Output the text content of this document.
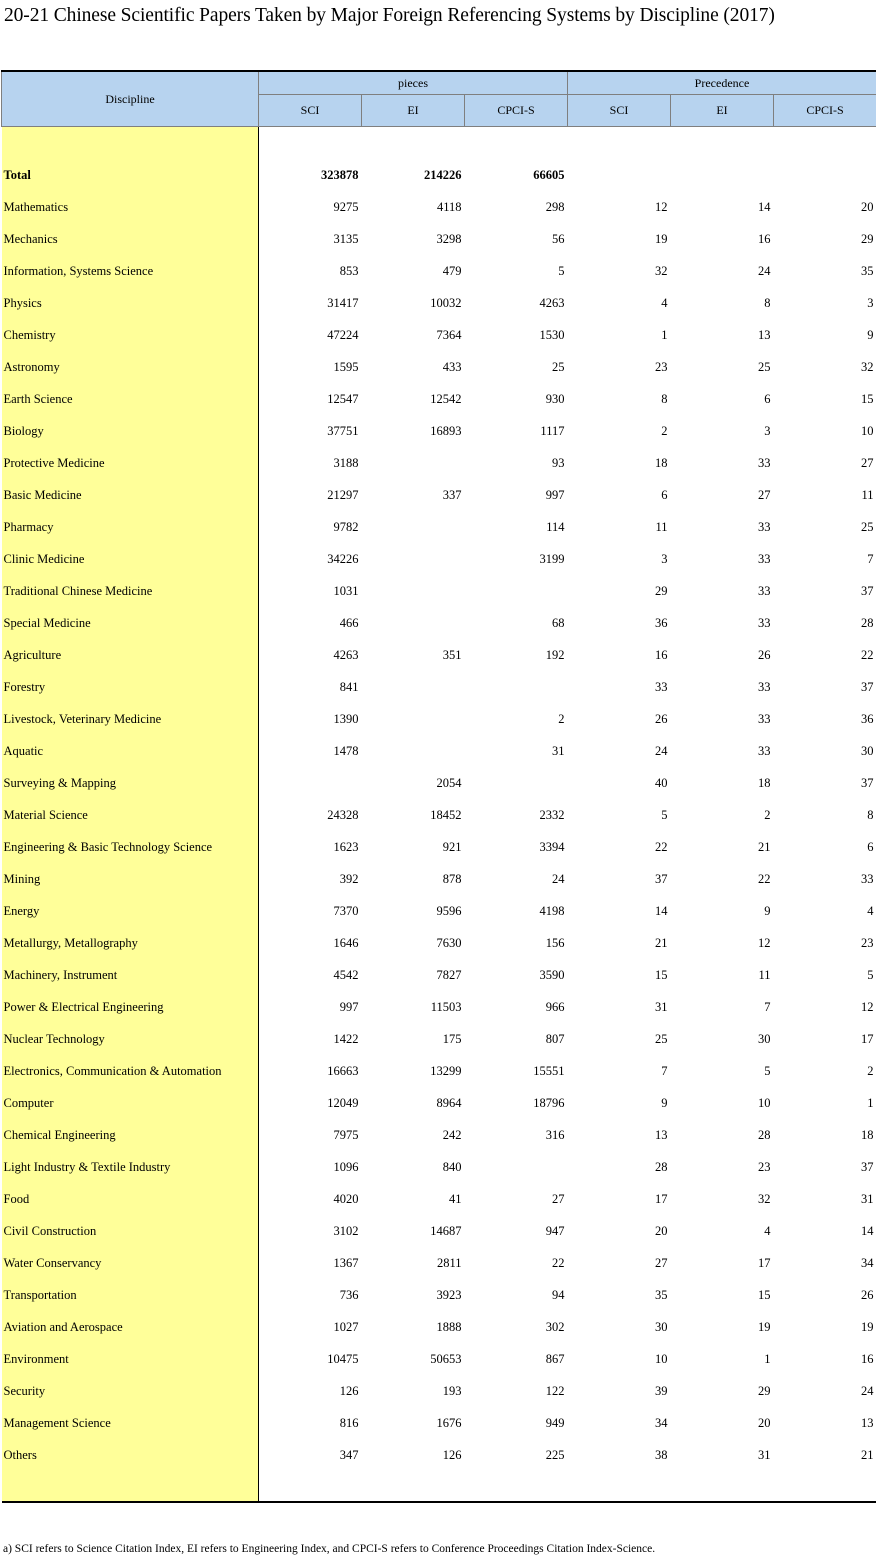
20-21 Chinese Scientific Papers Taken by Major Foreign Referencing Systems by Discipline (2017)
Discipline	pieces			Precedence		
	SCI	EI	CPCI-S	SCI	EI	CPCI-S

Total	323878	214226	66605			
Mathematics	9275	4118	298	12	14	20
Mechanics	3135	3298	56	19	16	29
Information, Systems Science	853	479	5	32	24	35
Physics	31417	10032	4263	4	8	3
Chemistry	47224	7364	1530	1	13	9
Astronomy	1595	433	25	23	25	32
Earth Science	12547	12542	930	8	6	15
Biology	37751	16893	1117	2	3	10
Protective Medicine	3188		93	18	33	27
Basic Medicine	21297	337	997	6	27	11
Pharmacy	9782		114	11	33	25
Clinic Medicine	34226		3199	3	33	7
Traditional Chinese Medicine	1031			29	33	37
Special Medicine	466		68	36	33	28
Agriculture	4263	351	192	16	26	22
Forestry	841			33	33	37
Livestock, Veterinary Medicine	1390		2	26	33	36
Aquatic	1478		31	24	33	30
Surveying & Mapping		2054		40	18	37
Material Science	24328	18452	2332	5	2	8
Engineering & Basic Technology Science	1623	921	3394	22	21	6
Mining	392	878	24	37	22	33
Energy	7370	9596	4198	14	9	4
Metallurgy, Metallography	1646	7630	156	21	12	23
Machinery, Instrument	4542	7827	3590	15	11	5
Power & Electrical Engineering	997	11503	966	31	7	12
Nuclear Technology	1422	175	807	25	30	17
Electronics, Communication & Automation	16663	13299	15551	7	5	2
Computer	12049	8964	18796	9	10	1
Chemical Engineering	7975	242	316	13	28	18
Light Industry & Textile Industry	1096	840		28	23	37
Food	4020	41	27	17	32	31
Civil Construction	3102	14687	947	20	4	14
Water Conservancy	1367	2811	22	27	17	34
Transportation	736	3923	94	35	15	26
Aviation and Aerospace	1027	1888	302	30	19	19
Environment	10475	50653	867	10	1	16
Security	126	193	122	39	29	24
Management Science	816	1676	949	34	20	13
Others	347	126	225	38	31	21

a) SCI refers to Science Citation Index, EI refers to Engineering Index, and CPCI-S refers to Conference Proceedings Citation Index-Science.
